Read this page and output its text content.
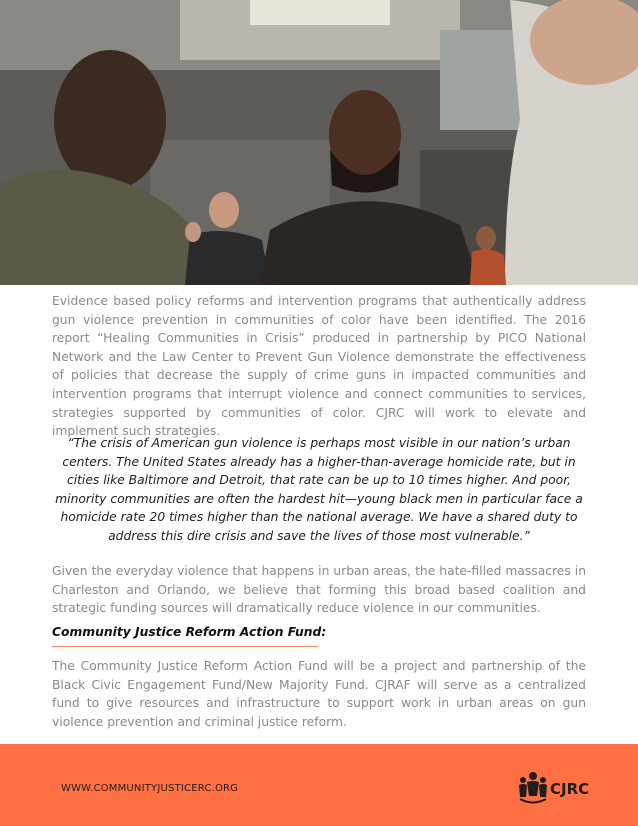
Evidence based policy reforms and intervention programs that authentically address gun violence prevention in communities of color have been identified. The 2016 report “Healing Communities in Crisis” produced in partnership by PICO National Network and the Law Center to Prevent Gun Violence demonstrate the effectiveness of policies that decrease the supply of crime guns in impacted communities and intervention programs that interrupt violence and connect communities to services, strategies supported by communities of color. CJRC will work to elevate and implement such strategies.

“The crisis of American gun violence is perhaps most visible in our nation’s urban centers. The United States already has a higher-than-average homicide rate, but in cities like Baltimore and Detroit, that rate can be up to 10 times higher. And poor, minority communities are often the hardest hit—young black men in particular face a homicide rate 20 times higher than the national average. We have a shared duty to address this dire crisis and save the lives of those most vulnerable.”

Given the everyday violence that happens in urban areas, the hate-filled massacres in Charleston and Orlando, we believe that forming this broad based coalition and strategic funding sources will dramatically reduce violence in our communities.

Community Justice Reform Action Fund:

The Community Justice Reform Action Fund will be a project and partnership of the Black Civic Engagement Fund/New Majority Fund. CJRAF will serve as a centralized fund to give resources and infrastructure to support work in urban areas on gun violence prevention and criminal justice reform.

WWW.COMMUNITYJUSTICERC.ORG	CJRC
